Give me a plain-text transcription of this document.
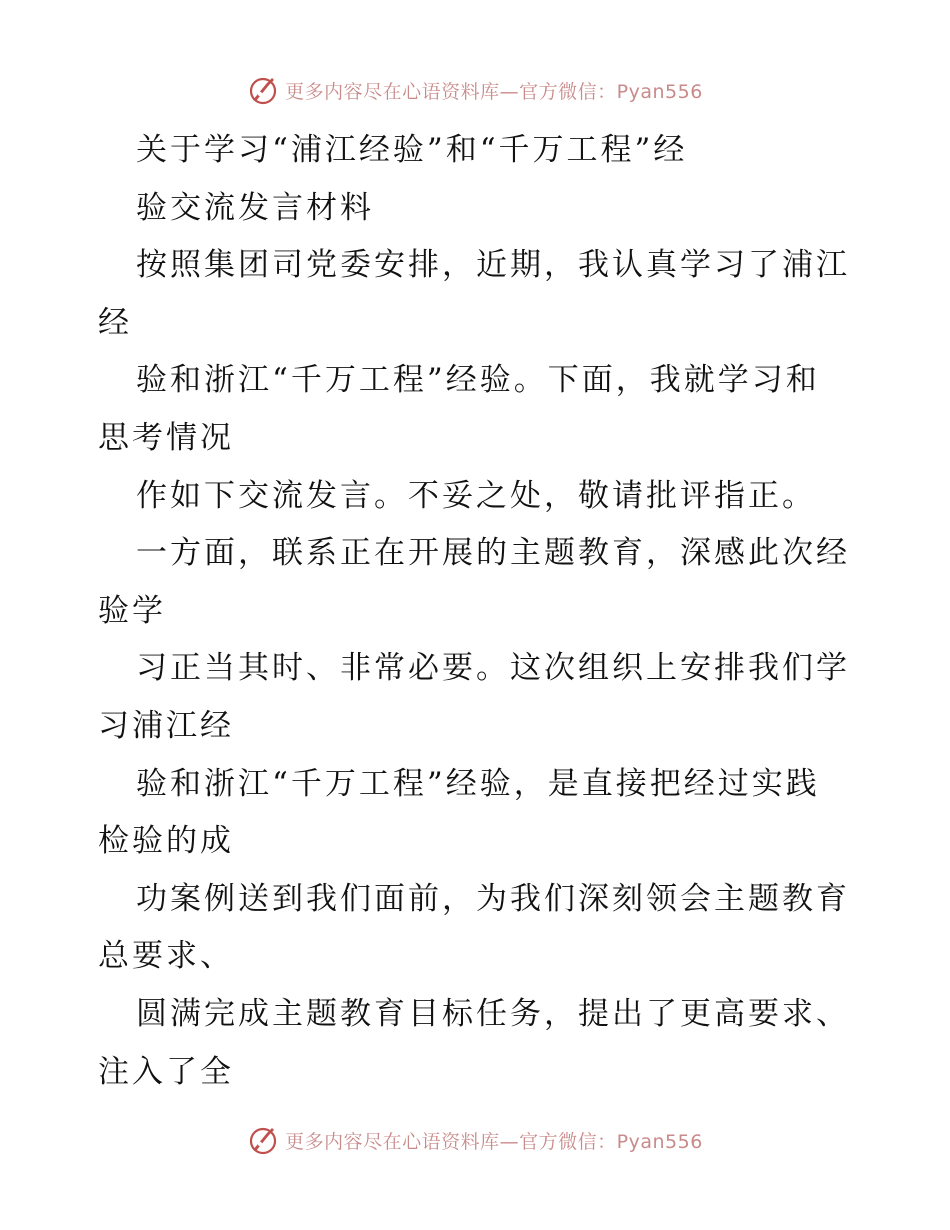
更多内容尽在心语资料库—官方微信：Pyan556
关于学习“浦江经验”和“千万工程”经
验交流发言材料
按照集团司党委安排，近期，我认真学习了浦江
经
验和浙江“千万工程”经验。下面，我就学习和
思考情况
作如下交流发言。不妥之处，敬请批评指正。
一方面，联系正在开展的主题教育，深感此次经
验学
习正当其时、非常必要。这次组织上安排我们学
习浦江经
验和浙江“千万工程”经验，是直接把经过实践
检验的成
功案例送到我们面前，为我们深刻领会主题教育
总要求、
圆满完成主题教育目标任务，提出了更高要求、
注入了全
更多内容尽在心语资料库—官方微信：Pyan556
